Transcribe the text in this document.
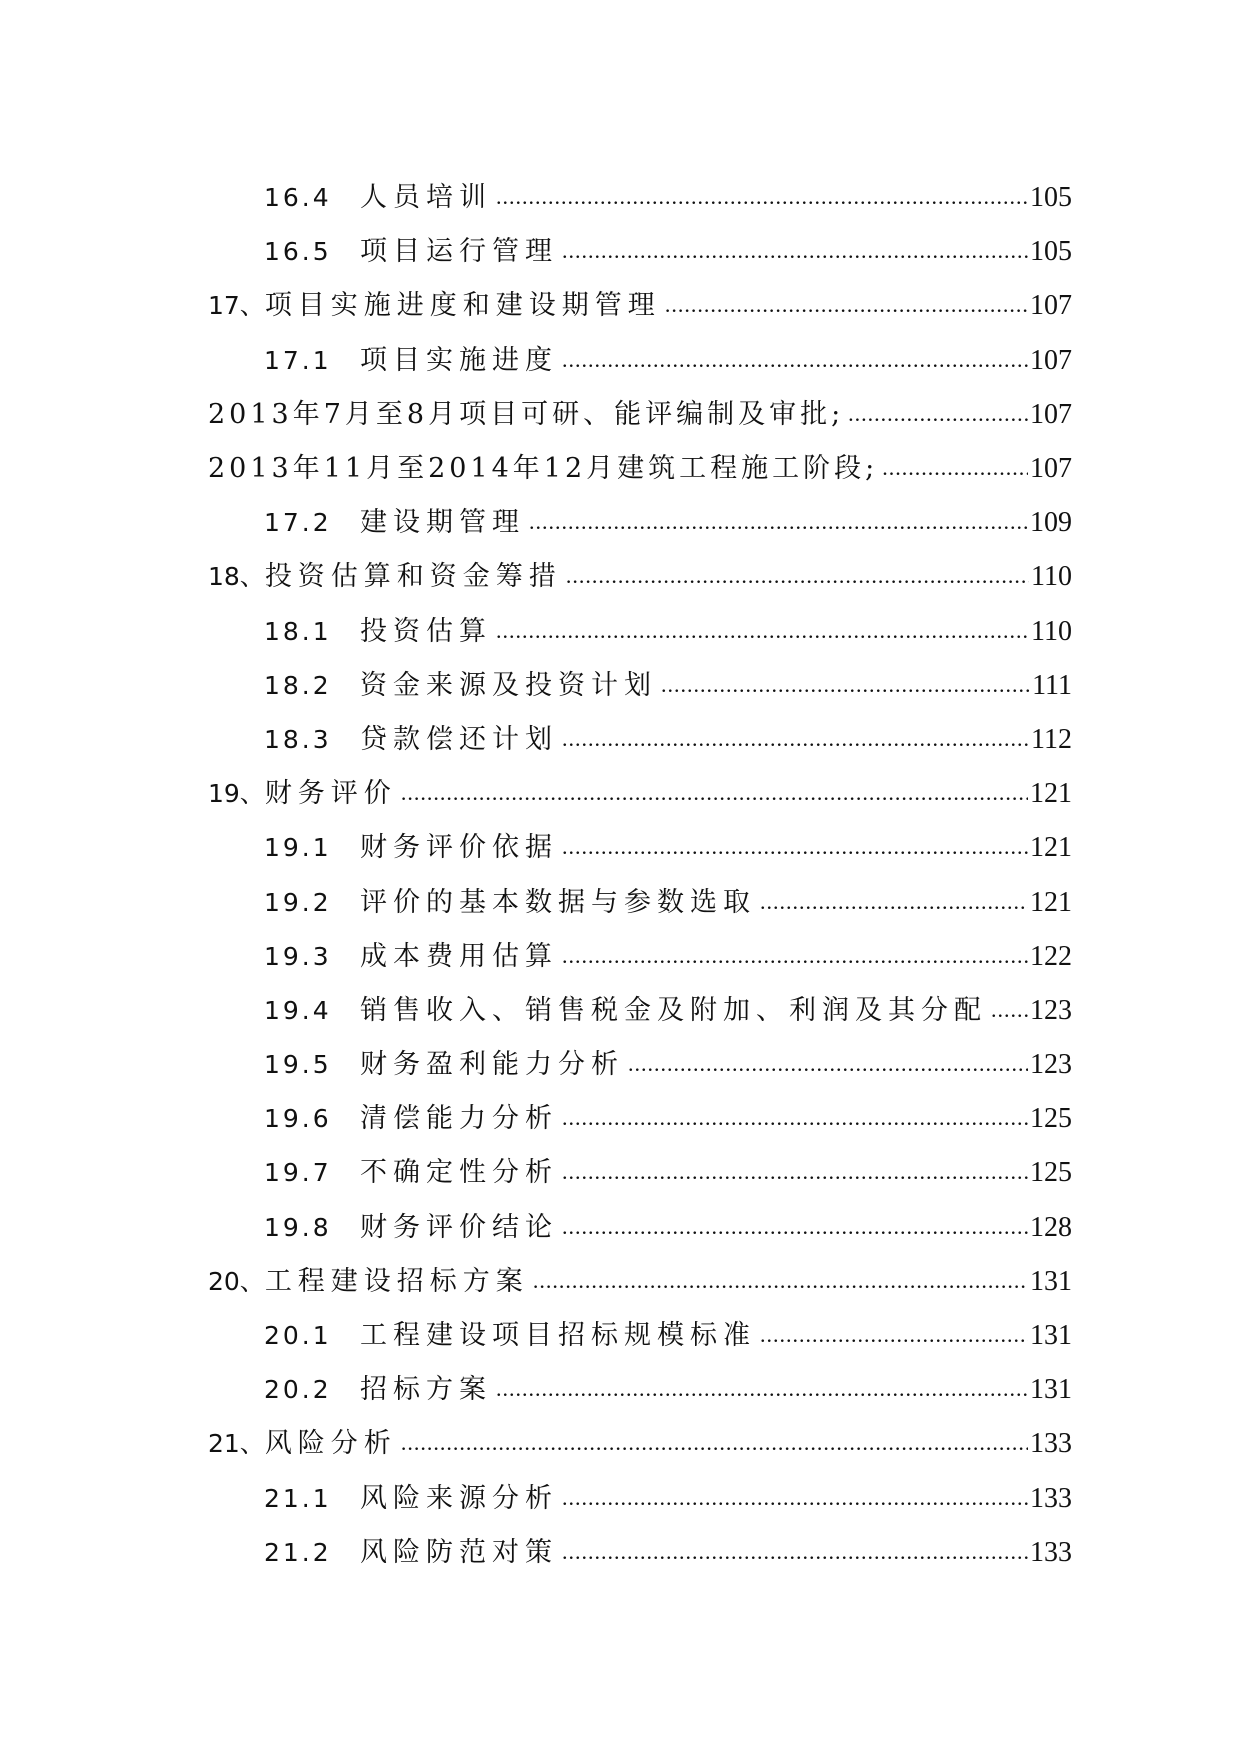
16.4	人员培训 .....	105
16.5	项目运行管理 .....	105
17、 项目实施进度和建设期管理 .....	107
17.1	项目实施进度 .....	107
2013年7月至8月项目可研、能评编制及审批; .....	107
2013年11月至2014年12月建筑工程施工阶段; .....	107
17.2	建设期管理 .....	109
18、 投资估算和资金筹措 .....	110
18.1	投资估算 .....	110
18.2	资金来源及投资计划 .....	111
18.3	贷款偿还计划 .....	112
19、 财务评价 .....	121
19.1	财务评价依据 .....	121
19.2	评价的基本数据与参数选取 .....	121
19.3	成本费用估算 .....	122
19.4	销售收入、销售税金及附加、利润及其分配 ..... 123
19.5	财务盈利能力分析 .....	123
19.6	清偿能力分析 .....	125
19.7	不确定性分析 .....	125
19.8	财务评价结论 .....	128
20、 工程建设招标方案 .....	131
20.1	工程建设项目招标规模标准 .....	131
20.2	招标方案 .....	131
21、 风险分析 .....	133
21.1	风险来源分析 .....	133
21.2	风险防范对策 .....	133
